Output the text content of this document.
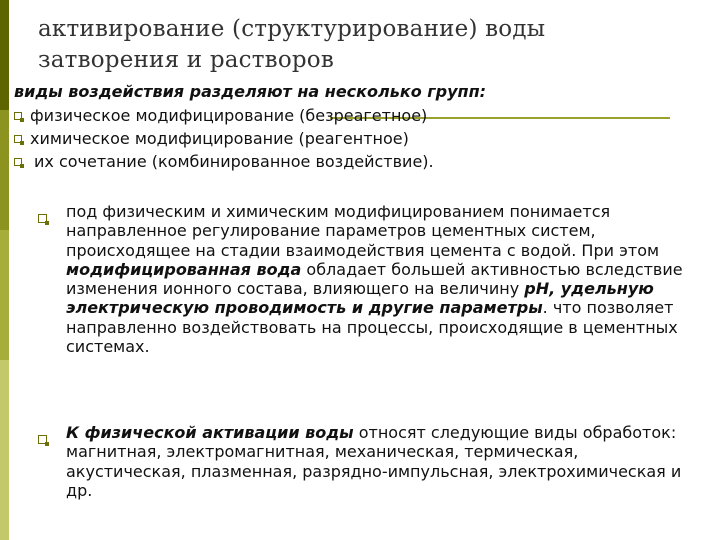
активирование (структурирование) воды
затворения и растворов
виды воздействия разделяют на несколько групп:
физическое модифицирование (безреагетное)
химическое модифицирование (реагентное)
их сочетание (комбинированное воздействие).
под физическим и химическим модифицированием понимается направленное регулирование параметров цементных систем, происходящее на стадии взаимодействия цемента с водой. При этом модифицированная вода обладает большей активностью вследствие изменения ионного состава, влияющего на величину рН, удельную электрическую проводимость и другие параметры. что позволяет направленно воздействовать на процессы, происходящие в цементных системах.
К физической активации воды относят следующие виды обработок: магнитная, электромагнитная, механическая, термическая, акустическая, плазменная, разрядно-импульсная, электрохимическая и др.
